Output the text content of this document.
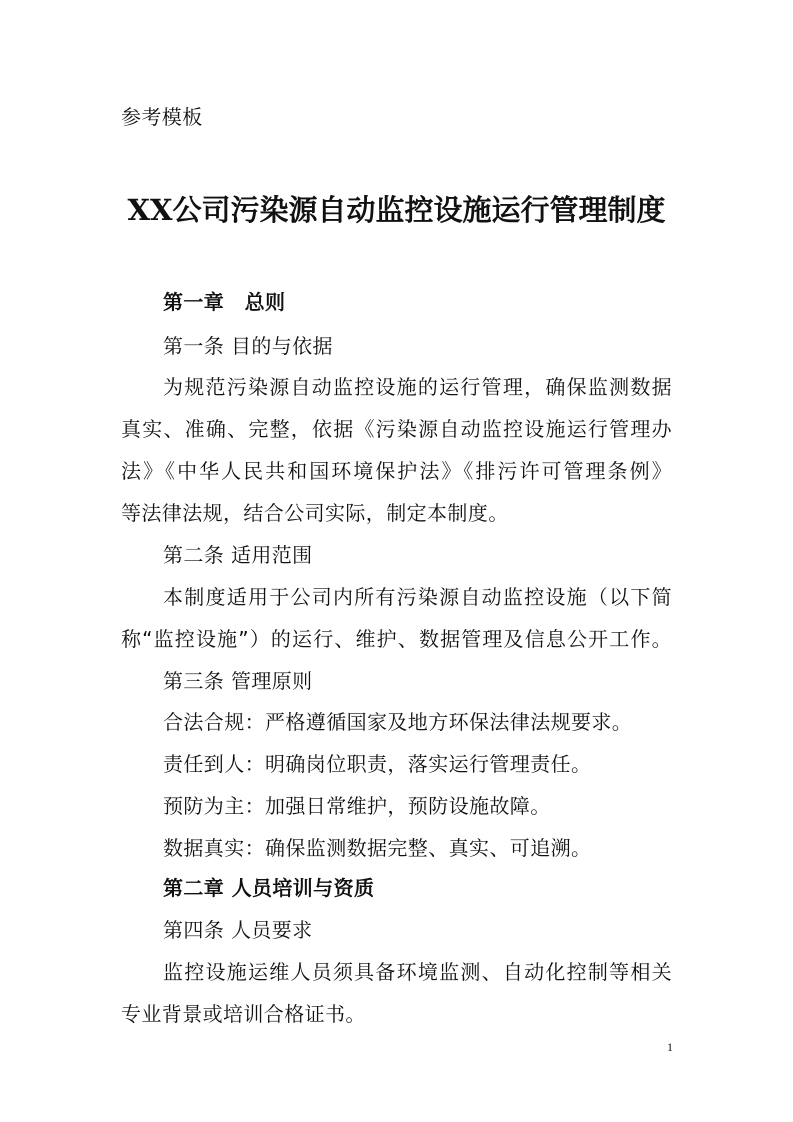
参考模板
XX公司污染源自动监控设施运行管理制度
第一章　总则
第一条 目的与依据
为规范污染源自动监控设施的运行管理，确保监测数据
真实、准确、完整，依据《污染源自动监控设施运行管理办
法》《中华人民共和国环境保护法》《排污许可管理条例》
等法律法规，结合公司实际，制定本制度。
第二条 适用范围
本制度适用于公司内所有污染源自动监控设施（以下简
称“监控设施”）的运行、维护、数据管理及信息公开工作。
第三条 管理原则
合法合规：严格遵循国家及地方环保法律法规要求。
责任到人：明确岗位职责，落实运行管理责任。
预防为主：加强日常维护，预防设施故障。
数据真实：确保监测数据完整、真实、可追溯。
第二章 人员培训与资质
第四条 人员要求
监控设施运维人员须具备环境监测、自动化控制等相关
专业背景或培训合格证书。
1
